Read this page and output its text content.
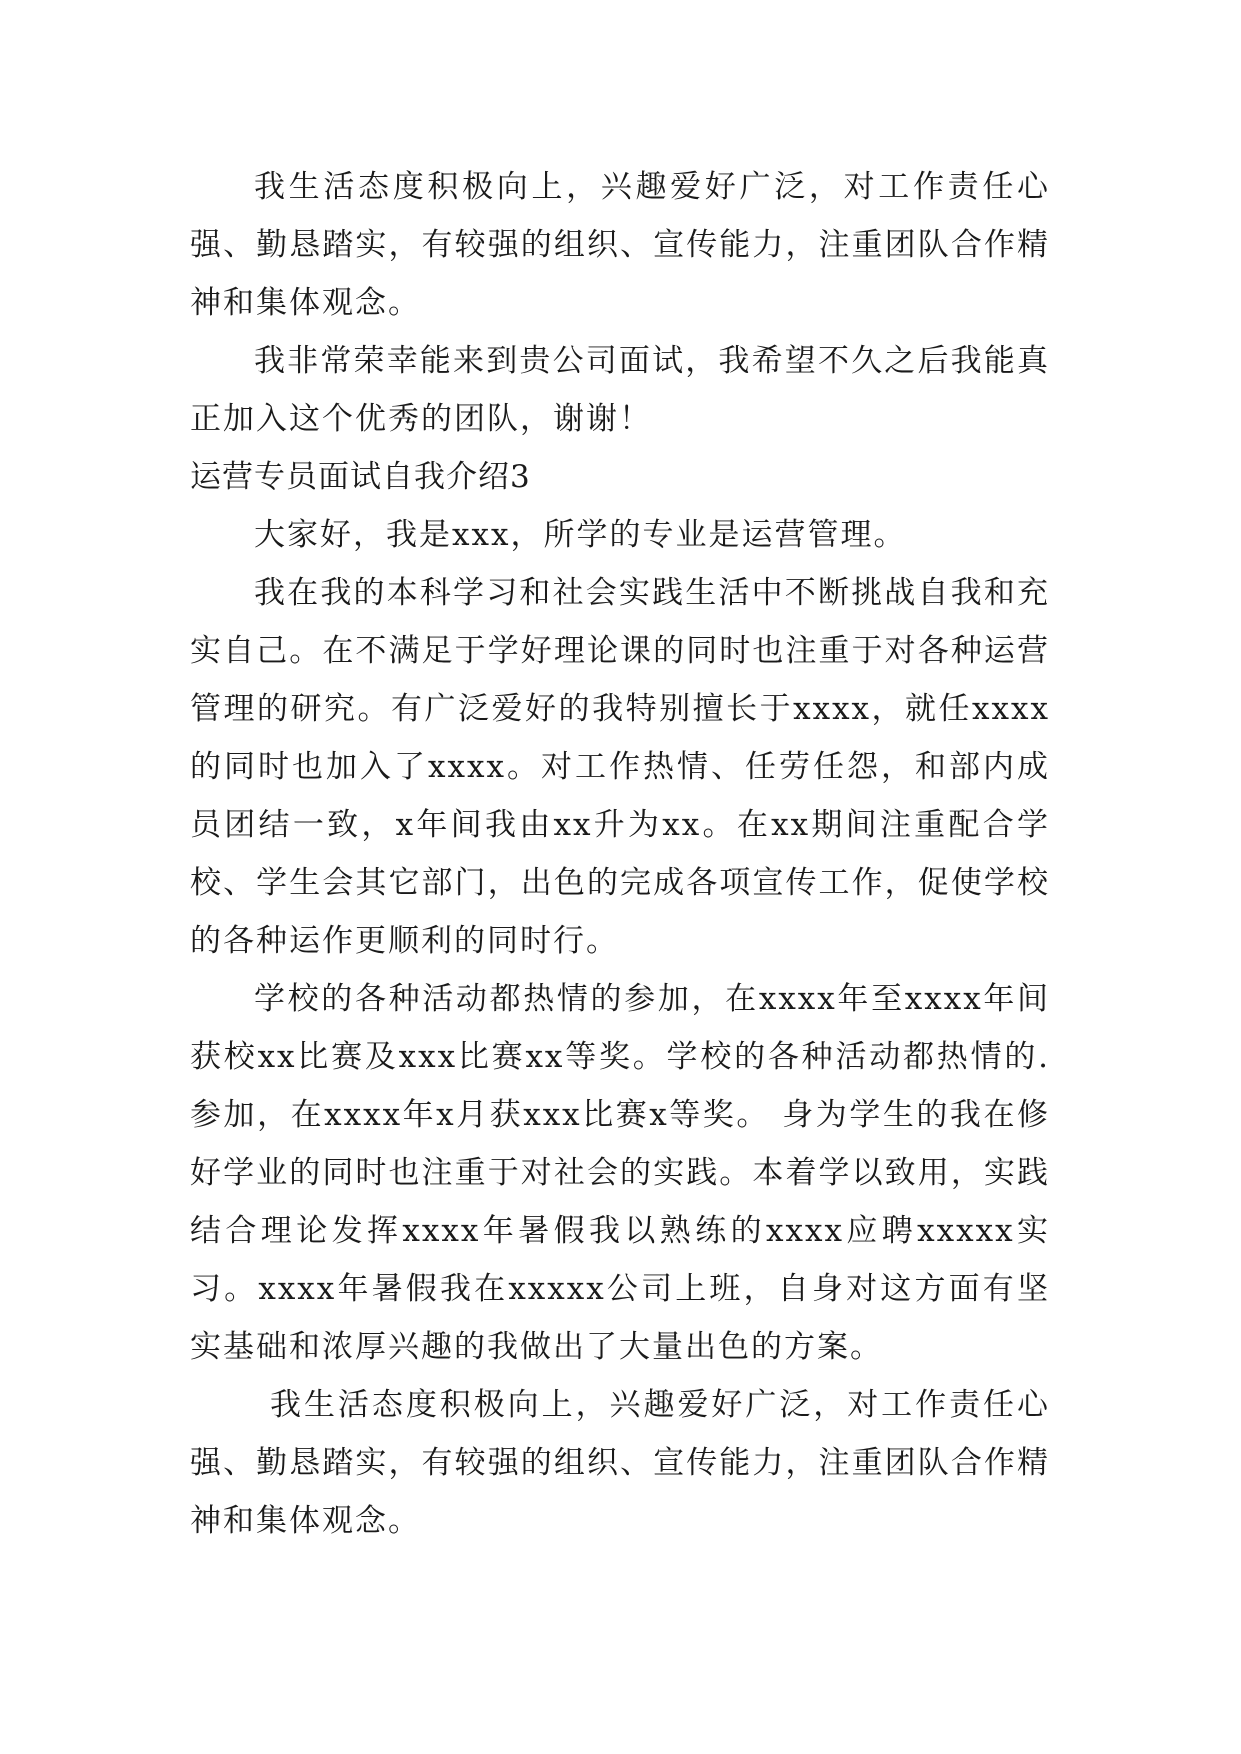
我生活态度积极向上，兴趣爱好广泛，对工作责任心强、勤恳踏实，有较强的组织、宣传能力，注重团队合作精神和集体观念。

我非常荣幸能来到贵公司面试，我希望不久之后我能真正加入这个优秀的团队，谢谢！

运营专员面试自我介绍3

大家好，我是xxx，所学的专业是运营管理。

我在我的本科学习和社会实践生活中不断挑战自我和充实自己。在不满足于学好理论课的同时也注重于对各种运营管理的研究。有广泛爱好的我特别擅长于xxxx，就任xxxx的同时也加入了xxxx。对工作热情、任劳任怨，和部内成员团结一致，x年间我由xx升为xx。在xx期间注重配合学校、学生会其它部门，出色的完成各项宣传工作，促使学校的各种运作更顺利的同时行。

学校的各种活动都热情的参加，在xxxx年至xxxx年间获校xx比赛及xxx比赛xx等奖。学校的各种活动都热情的.参加，在xxxx年x月获xxx比赛x等奖。 身为学生的我在修好学业的同时也注重于对社会的实践。本着学以致用，实践结合理论发挥xxxx年暑假我以熟练的xxxx应聘xxxxx实习。xxxx年暑假我在xxxxx公司上班，自身对这方面有坚实基础和浓厚兴趣的我做出了大量出色的方案。

我生活态度积极向上，兴趣爱好广泛，对工作责任心强、勤恳踏实，有较强的组织、宣传能力，注重团队合作精神和集体观念。
